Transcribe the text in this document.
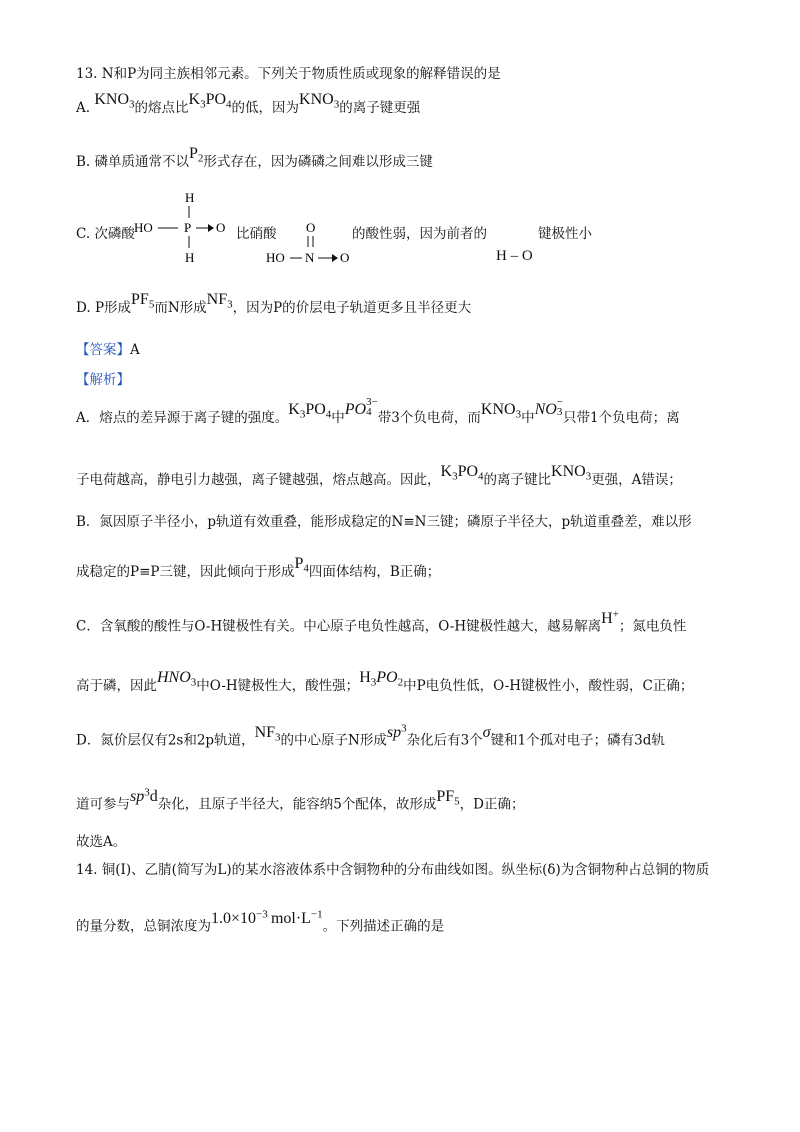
13. N和P为同主族相邻元素。下列关于物质性质或现象的解释错误的是
A. $KNO_3$的熔点比$K_3PO_4$的低，因为$KNO_3$的离子键更强
B. 磷单质通常不以$P_2$形式存在，因为磷磷之间难以形成三键
C. 次磷酸
H
HO P O
H
比硝酸 O
HO N O
的酸性弱，因为前者的
H – O
键极性小
D. P形成$PF_5$而N形成$NF_3$，因为P的价层电子轨道更多且半径更大
【答案】A
【解析】
A．熔点的差异源于离子键的强度。$K_3PO_4$中PO 3−
4 带3个负电荷，而$KNO_3$中NO −
3 只带1个负电荷；离
子电荷越高，静电引力越强，离子键越强，熔点越高。因此，$K_3PO_4$的离子键比$KNO_3$更强，A错误；
B．氮因原子半径小，p轨道有效重叠，能形成稳定的N≡N三键；磷原子半径大，p轨道重叠差，难以形
成稳定的P≡P三键，因此倾向于形成$P_4$四面体结构，B正确；
C．含氧酸的酸性与O-H键极性有关。中心原子电负性越高，O-H键极性越大，越易解离H+；氮电负性
高于磷，因此$HNO_3$中O-H键极性大，酸性强；$H_3PO_2$中P电负性低，O-H键极性小，酸性弱，C正确；
D．氮价层仅有2s和2p轨道，$NF_3$的中心原子N形成$sp^3$杂化后有3个σ键和1个孤对电子；磷有3d轨
道可参与$sp^3d$杂化，且原子半径大，能容纳5个配体，故形成$PF_5$，D正确；
故选A。
14. 铜(I)、乙腈(简写为L)的某水溶液体系中含铜物种的分布曲线如图。纵坐标(δ)为含铜物种占总铜的物质
的量分数，总铜浓度为$1.0\times 10^{-3}$  $mol\cdot L^{-1}$。下列描述正确的是
